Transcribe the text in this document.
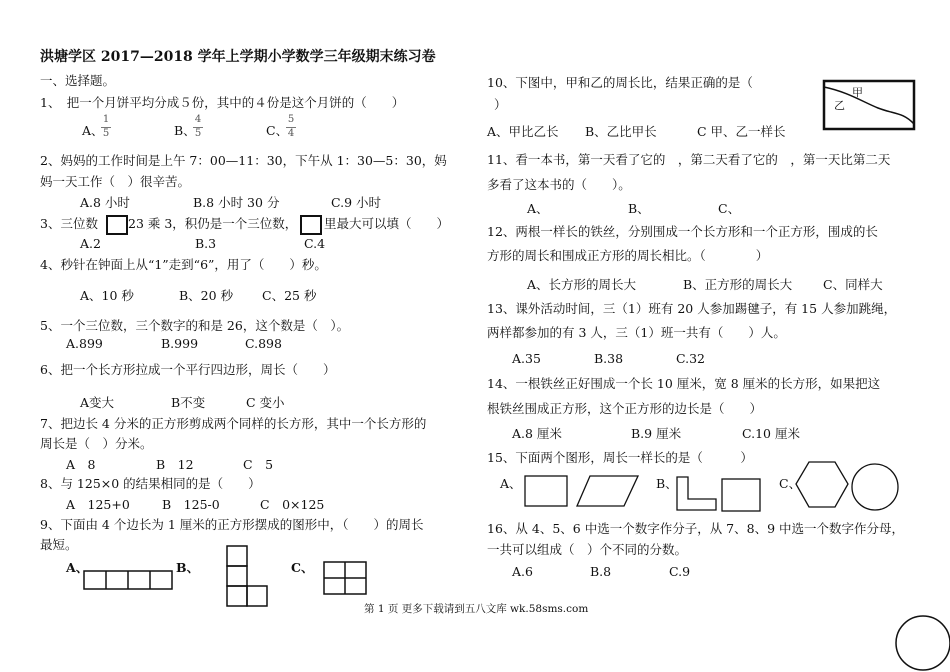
洪塘学区 2017—2018 学年上学期小学数学三年级期末练习卷
一、选择题。
1、　把一个月饼平均分成５份，其中的４份是这个月饼的（　　）
A、
1
5	B、
4
5	C、
5
4
2、妈妈的工作时间是上午 7：00—11：30，下午从 1：30—5：30，妈
妈一天工作（　）很辛苦。
A.8 小时	B.8 小时 30 分	C.9 小时
3、三位数 23 乘 3，积仍是一个三位数， 里最大可以填（　　）
A.2	B.3	C.4
4、秒针在钟面上从“1”走到“6”，用了（　　）秒。
A、10 秒	B、20 秒 C、25 秒
5、一个三位数，三个数字的和是 26，这个数是（　）。
A.899	B.999	C.898
6、把一个长方形拉成一个平行四边形，周长（　　）
A变大	B不变	C 变小
7、把边长 4 分米的正方形剪成两个同样的长方形，其中一个长方形的
周长是（　）分米。
A　8	B　12	C　5
8、与 125×0 的结果相同的是（　　）
A　125+0	B　125-0	C　0×125
9、下面由 4 个边长为 1 厘米的正方形摆成的图形中，（　　）的周长
最短。
A、	B、	C、
10、下图中，甲和乙的周长比，结果正确的是（
）
甲
乙
A、甲比乙长 B、乙比甲长	C 甲、乙一样长
11、看一本书，第一天看了它的　，第二天看了它的　，第一天比第二天
多看了这本书的（　　）。
A、	B、	C、
12、两根一样长的铁丝，分别围成一个长方形和一个正方形，围成的长
方形的周长和围成正方形的周长相比。（　　　　）
A、长方形的周长大	B、正方形的周长大 C、同样大
13、课外活动时间，三（1）班有 20 人参加踢毽子，有 15 人参加跳绳，
两样都参加的有 3 人，三（1）班一共有（　　）人。
A.35	B.38	C.32
14、一根铁丝正好围成一个长 10 厘米，宽 8 厘米的长方形，如果把这
根铁丝围成正方形，这个正方形的边长是（　　）
A.8 厘米	B.9 厘米	C.10 厘米
15、下面两个图形，周长一样长的是（　　　）
A、	B、	C、
16、从 4、5、6 中选一个数字作分子，从 7、8、9 中选一个数字作分母，
一共可以组成（　）个不同的分数。
A.6	B.8	C.9
第 1 页 更多下载请到五八文库 wk.58sms.com
